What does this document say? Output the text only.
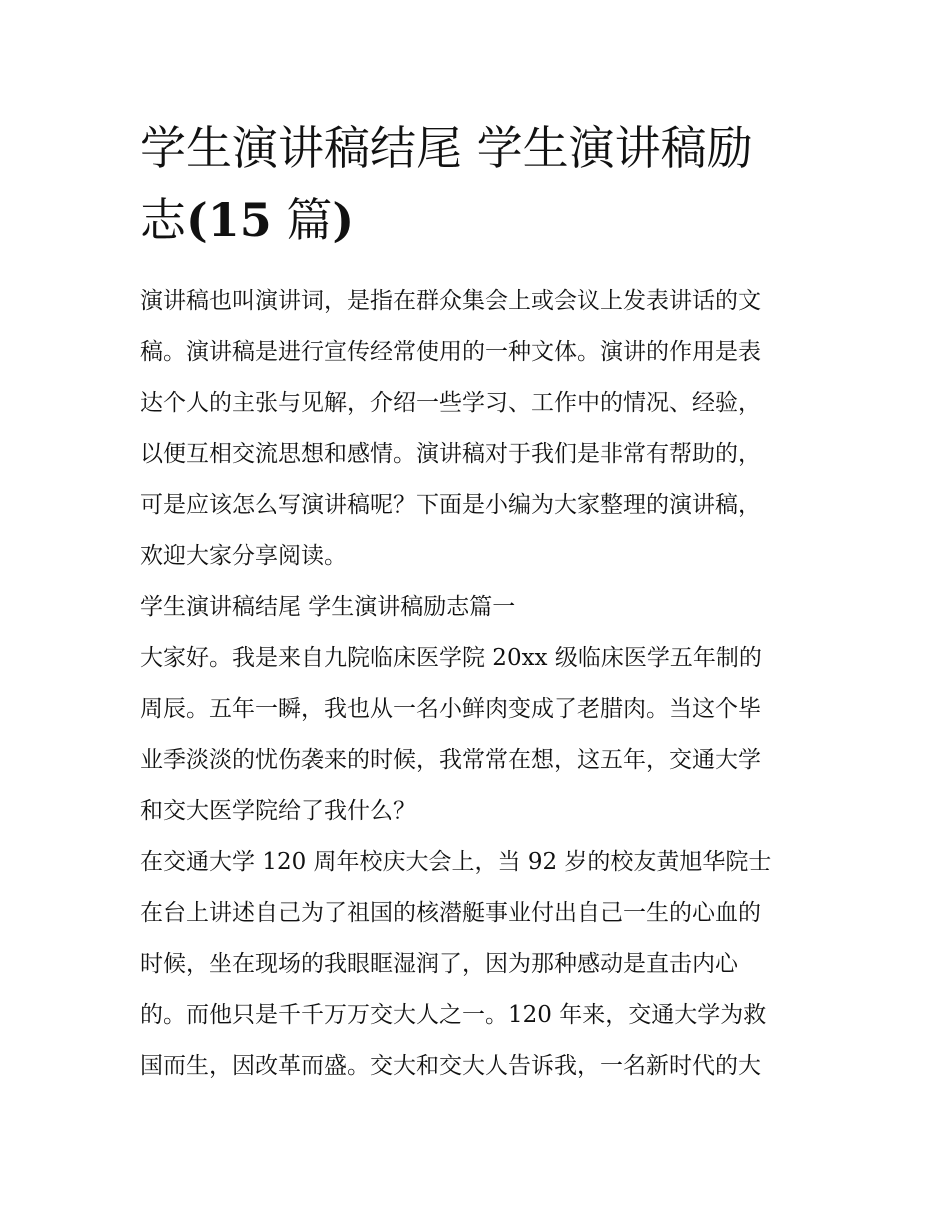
学生演讲稿结尾 学生演讲稿励
志(15 篇)
演讲稿也叫演讲词，是指在群众集会上或会议上发表讲话的文
稿。演讲稿是进行宣传经常使用的一种文体。演讲的作用是表
达个人的主张与见解，介绍一些学习、工作中的情况、经验，
以便互相交流思想和感情。演讲稿对于我们是非常有帮助的，
可是应该怎么写演讲稿呢？下面是小编为大家整理的演讲稿，
欢迎大家分享阅读。
学生演讲稿结尾 学生演讲稿励志篇一
大家好。我是来自九院临床医学院 20xx 级临床医学五年制的
周辰。五年一瞬，我也从一名小鲜肉变成了老腊肉。当这个毕
业季淡淡的忧伤袭来的时候，我常常在想，这五年，交通大学
和交大医学院给了我什么？
在交通大学 120 周年校庆大会上，当 92 岁的校友黄旭华院士
在台上讲述自己为了祖国的核潜艇事业付出自己一生的心血的
时候，坐在现场的我眼眶湿润了，因为那种感动是直击内心
的。而他只是千千万万交大人之一。120 年来，交通大学为救
国而生，因改革而盛。交大和交大人告诉我，一名新时代的大
